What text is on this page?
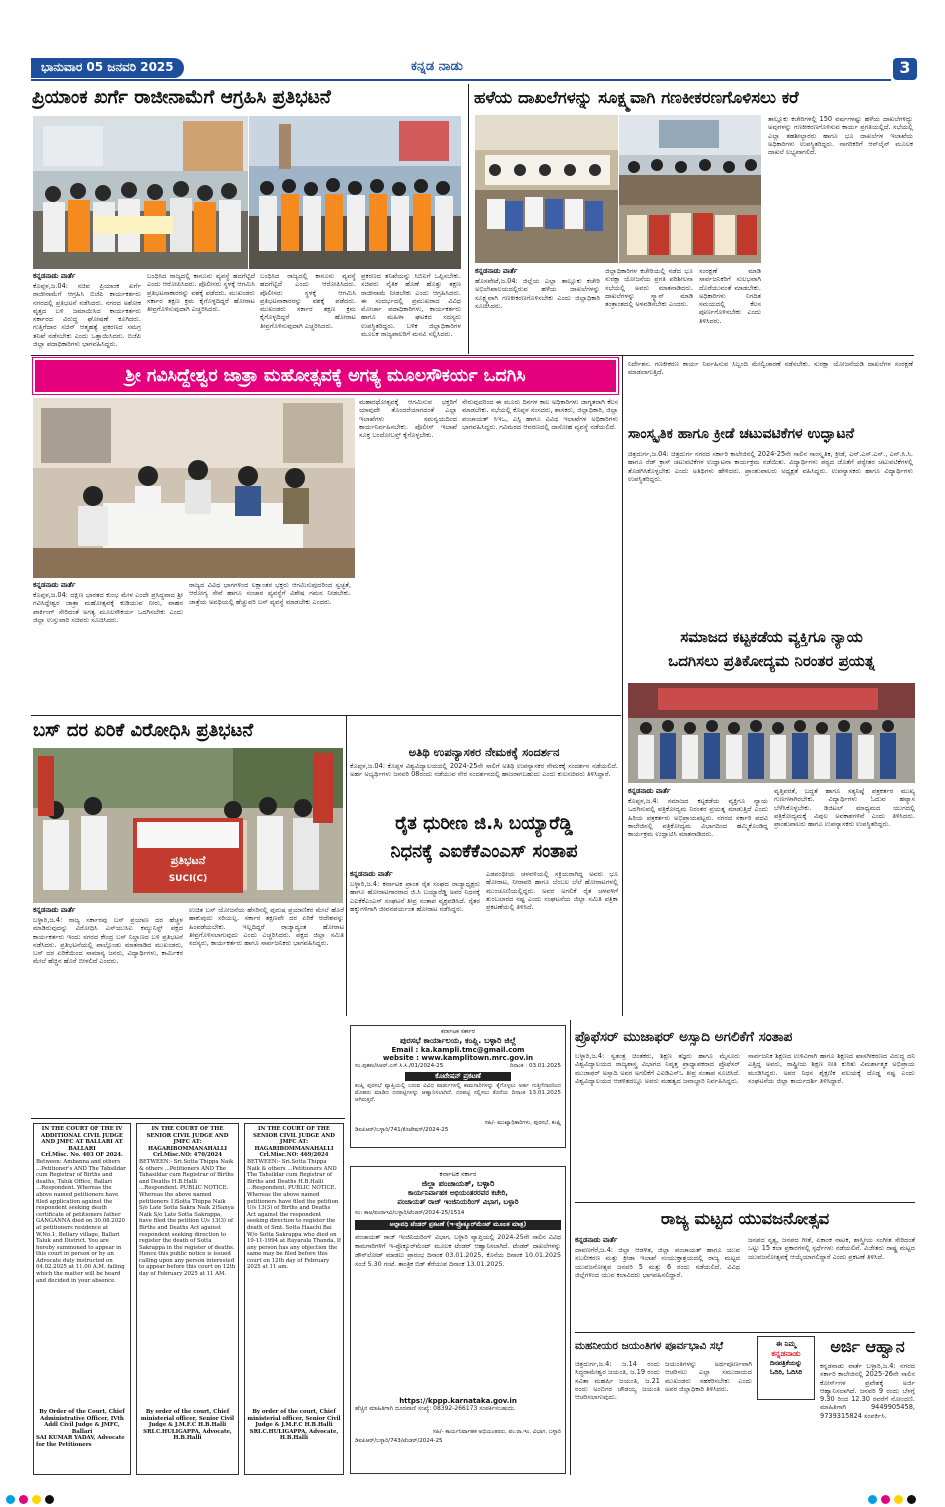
ಭಾನುವಾರ 05 ಜನವರಿ 2025	ಕನ್ನಡ ನಾಡು	3
ಪ್ರಿಯಾಂಕ ಖರ್ಗೆ ರಾಜೀನಾಮೆಗೆ ಆಗ್ರಹಿಸಿ ಪ್ರತಿಭಟನೆ
ಕನ್ನಡನಾಡು ವಾರ್ತೆ
ಕೊಪ್ಪಳ,ಜ.04: ಸಚಿವ ಪ್ರಿಯಾಂಕ ಖರ್ಗೆ ರಾಜೀನಾಮೆಗೆ ಆಗ್ರಹಿಸಿ ಬಿಜೆಪಿ ಕಾರ್ಯಕರ್ತರು ನಗರದಲ್ಲಿ ಪ್ರತಿಭಟನೆ ನಡೆಸಿದರು. ನಗರದ ಅಶೋಕ ವೃತ್ತದ ಬಳಿ ಜಮಾಯಿಸಿದ ಕಾರ್ಯಕರ್ತರು ಸರ್ಕಾರದ ವಿರುದ್ಧ ಘೋಷಣೆ ಕೂಗಿದರು. ಗುತ್ತಿಗೆದಾರ ಸಚಿನ್ ಆತ್ಮಹತ್ಯೆ ಪ್ರಕರಣದ ಸಮಗ್ರ ತನಿಖೆ ನಡೆಸಬೇಕು ಎಂದು ಒತ್ತಾಯಿಸಿದರು. ಬಿಜೆಪಿ ಜಿಲ್ಲಾ ಪದಾಧಿಕಾರಿಗಳು ಭಾಗವಹಿಸಿದ್ದರು.
ಬಂಧಿಸಿದ ರಾಜ್ಯದಲ್ಲಿ ಕಾನೂನು ವ್ಯವಸ್ಥೆ ಹದಗೆಟ್ಟಿದೆ ಎಂದು ಆರೋಪಿಸಿದರು. ಪೊಲೀಸರು ಸ್ಥಳಕ್ಕೆ ಆಗಮಿಸಿ ಪ್ರತಿಭಟನಾಕಾರರನ್ನು ವಶಕ್ಕೆ ಪಡೆದರು. ಮುಖಂಡರು ಸರ್ಕಾರ ತಕ್ಷಣ ಕ್ರಮ ಕೈಗೊಳ್ಳದಿದ್ದರೆ ಹೋರಾಟ ತೀವ್ರಗೊಳಿಸುವುದಾಗಿ ಎಚ್ಚರಿಸಿದರು.
ಪ್ರಕರಣದ ತನಿಖೆಯನ್ನು ಸಿಬಿಐಗೆ ಒಪ್ಪಿಸಬೇಕು. ಸಚಿವರು ನೈತಿಕ ಹೊಣೆ ಹೊತ್ತು ತಕ್ಷಣ ರಾಜೀನಾಮೆ ನೀಡಬೇಕು ಎಂದು ಆಗ್ರಹಿಸಿದರು. ಈ ಸಂದರ್ಭದಲ್ಲಿ ಪ್ರಮುಖರಾದ ವಿವಿಧ ಮೋರ್ಚಾ ಪದಾಧಿಕಾರಿಗಳು, ಕಾರ್ಯಕರ್ತರು ಹಾಗೂ ಮಹಿಳಾ ಘಟಕದ ಸದಸ್ಯರು ಉಪಸ್ಥಿತರಿದ್ದರು. ಬಳಿಕ ಜಿಲ್ಲಾಧಿಕಾರಿಗಳ ಮೂಲಕ ರಾಜ್ಯಪಾಲರಿಗೆ ಮನವಿ ಸಲ್ಲಿಸಿದರು.
ಬಂಧಿಸಿದ ರಾಜ್ಯದಲ್ಲಿ ಕಾನೂನು ವ್ಯವಸ್ಥೆ ಹದಗೆಟ್ಟಿದೆ ಎಂದು ಆರೋಪಿಸಿದರು. ಪೊಲೀಸರು ಸ್ಥಳಕ್ಕೆ ಆಗಮಿಸಿ ಪ್ರತಿಭಟನಾಕಾರರನ್ನು ವಶಕ್ಕೆ ಪಡೆದರು. ಮುಖಂಡರು ಸರ್ಕಾರ ತಕ್ಷಣ ಕ್ರಮ ಕೈಗೊಳ್ಳದಿದ್ದರೆ ಹೋರಾಟ ತೀವ್ರಗೊಳಿಸುವುದಾಗಿ ಎಚ್ಚರಿಸಿದರು.
ಹಳೆಯ ದಾಖಲೆಗಳನ್ನು ಸೂಕ್ಷ್ಮವಾಗಿ ಗಣಕೀಕರಣಗೊಳಿಸಲು ಕರೆ
ಕನ್ನಡನಾಡು ವಾರ್ತೆ
ಹೊಸಪೇಟೆ,ಜ.04: ಜಿಲ್ಲೆಯ ಎಲ್ಲಾ ತಾಲ್ಲೂಕು ಕಚೇರಿ ಅಭಿಲೇಖಾಲಯದಲ್ಲಿರುವ ಹಳೆಯ ದಾಖಲೆಗಳನ್ನು ಸೂಕ್ಷ್ಮವಾಗಿ ಗಣಕೀಕರಣಗೊಳಿಸಬೇಕು ಎಂದು ಜಿಲ್ಲಾಧಿಕಾರಿ ಸೂಚಿಸಿದರು.
ಜಿಲ್ಲಾಧಿಕಾರಿಗಳ ಕಚೇರಿಯಲ್ಲಿ ನಡೆದ ಭೂ ಸುರಕ್ಷಾ ಯೋಜನೆಯ ಪ್ರಗತಿ ಪರಿಶೀಲನಾ ಸಭೆಯಲ್ಲಿ ಅವರು ಮಾತನಾಡಿದರು. ದಾಖಲೆಗಳನ್ನು ಸ್ಕ್ಯಾನ್ ಮಾಡಿ ತಂತ್ರಾಂಶದಲ್ಲಿ ಅಳವಡಿಸಬೇಕು ಎಂದರು.
ಸಂರಕ್ಷಣೆ ಮಾಡಿ ಸಾರ್ವಜನಿಕರಿಗೆ ಸುಲಭವಾಗಿ ದೊರೆಯುವಂತೆ ಮಾಡಬೇಕು. ಅಧಿಕಾರಿಗಳು ನಿಗದಿತ ಸಮಯದಲ್ಲಿ ಕೆಲಸ ಪೂರ್ಣಗೊಳಿಸಬೇಕು ಎಂದು ತಿಳಿಸಿದರು.
ತಾಲ್ಲೂಕು ಕಚೇರಿಗಳಲ್ಲಿ 150 ವರ್ಷಗಳಷ್ಟು ಹಳೆಯ ದಾಖಲೆಗಳಿದ್ದು ಅವುಗಳನ್ನು ಗಣಕೀಕರಣಗೊಳಿಸುವ ಕಾರ್ಯ ಪ್ರಗತಿಯಲ್ಲಿದೆ. ಸಭೆಯಲ್ಲಿ ಎಲ್ಲಾ ತಹಶೀಲ್ದಾರರು ಹಾಗೂ ಭೂ ದಾಖಲೆಗಳ ಇಲಾಖೆಯ ಅಧಿಕಾರಿಗಳು ಉಪಸ್ಥಿತರಿದ್ದರು. ನಾಗರಿಕರಿಗೆ ಆನ್‌ಲೈನ್ ಮೂಲಕ ದಾಖಲೆ ಲಭ್ಯವಾಗಲಿದೆ.
ಶ್ರೀ ಗವಿಸಿದ್ದೇಶ್ವರ ಜಾತ್ರಾ ಮಹೋತ್ಸವಕ್ಕೆ ಅಗತ್ಯ ಮೂಲಸೌಕರ್ಯ ಒದಗಿಸಿ
ಕನ್ನಡನಾಡು ವಾರ್ತೆ
ಕೊಪ್ಪಳ,ಜ.04: ದಕ್ಷಿಣ ಭಾರತದ ಕುಂಭ ಮೇಳ ಎಂದೇ ಪ್ರಸಿದ್ಧವಾದ ಶ್ರೀ ಗವಿಸಿದ್ದೇಶ್ವರ ಜಾತ್ರಾ ಮಹೋತ್ಸವಕ್ಕೆ ಕುಡಿಯುವ ನೀರು, ವಾಹನ ಪಾರ್ಕಿಂಗ್ ಸೇರಿದಂತೆ ಅಗತ್ಯ ಮೂಲಸೌಕರ್ಯ ಒದಗಿಸಬೇಕು ಎಂದು ಜಿಲ್ಲಾ ಉಸ್ತುವಾರಿ ಸಚಿವರು ಸೂಚಿಸಿದರು.
ರಾಜ್ಯದ ವಿವಿಧ ಭಾಗಗಳಿಂದ ಲಕ್ಷಾಂತರ ಭಕ್ತರು ಆಗಮಿಸುವುದರಿಂದ ಸ್ವಚ್ಛತೆ, ಆರೋಗ್ಯ ಸೇವೆ ಹಾಗೂ ಸಂಚಾರ ವ್ಯವಸ್ಥೆಗೆ ವಿಶೇಷ ಗಮನ ನೀಡಬೇಕು. ಜಾತ್ರೆಯ ಅವಧಿಯಲ್ಲಿ ಹೆಚ್ಚುವರಿ ಬಸ್ ವ್ಯವಸ್ಥೆ ಮಾಡಬೇಕು ಎಂದರು.
ಮಹಾರಥೋತ್ಸವಕ್ಕೆ ಆಗಮಿಸುವ ಭಕ್ತರಿಗೆ ಯಾವುದೇ ತೊಂದರೆಯಾಗದಂತೆ ಎಲ್ಲಾ ಇಲಾಖೆಗಳು ಸಮನ್ವಯದಿಂದ ಕಾರ್ಯನಿರ್ವಹಿಸಬೇಕು. ಪೊಲೀಸ್ ಇಲಾಖೆ ಸೂಕ್ತ ಬಂದೋಬಸ್ತ್ ಕೈಗೊಳ್ಳಬೇಕು.
ಸೇರುವುದರಿಂದ ಈ ಮೂರು ದಿನಗಳ ಕಾಲ ಅಧಿಕಾರಿಗಳು ಜಾಗೃತರಾಗಿ ಕೆಲಸ ಮಾಡಬೇಕು. ಸಭೆಯಲ್ಲಿ ಕೊಪ್ಪಳ ಸಂಸದರು, ಶಾಸಕರು, ಜಿಲ್ಲಾಧಿಕಾರಿ, ಜಿಲ್ಲಾ ಪಂಚಾಯತ್ ಸಿಇಒ, ಎಸ್ಪಿ ಹಾಗೂ ವಿವಿಧ ಇಲಾಖೆಗಳ ಅಧಿಕಾರಿಗಳು ಭಾಗವಹಿಸಿದ್ದರು. ಗವಿಮಠದ ಆವರಣದಲ್ಲಿ ದಾಸೋಹ ವ್ಯವಸ್ಥೆ ನಡೆಯಲಿದೆ.
ನಿರ್ದೇಶನ. ಗಣಕೀಕರಣ ಕಾರ್ಯ ನಿರ್ವಹಿಸುವ ಸಿಬ್ಬಂದಿ ಮೇಲ್ವಿಚಾರಣೆ ನಡೆಸಬೇಕು. ಸುರಕ್ಷಾ ಯೋಜನೆಯಡಿ ದಾಖಲೆಗಳ ಸಂರಕ್ಷಣೆ ಮಾಡಲಾಗುತ್ತಿದೆ.
ಸಾಂಸ್ಕೃತಿಕ ಹಾಗೂ ಕ್ರೀಡೆ ಚಟುವಟಿಕೆಗಳ ಉದ್ಘಾಟನೆ
ಚಿತ್ರದುರ್ಗ,ಜ.04: ಚಿತ್ರದುರ್ಗ ನಗರದ ಸರ್ಕಾರಿ ಕಾಲೇಜಿನಲ್ಲಿ 2024-25ನೇ ಸಾಲಿನ ಸಾಂಸ್ಕೃತಿಕ, ಕ್ರೀಡೆ, ಎನ್.ಎಸ್.ಎಸ್., ಎನ್.ಸಿ.ಸಿ. ಹಾಗೂ ರೆಡ್ ಕ್ರಾಸ್ ಚಟುವಟಿಕೆಗಳ ಉದ್ಘಾಟನಾ ಕಾರ್ಯಕ್ರಮ ನಡೆಯಿತು. ವಿದ್ಯಾರ್ಥಿಗಳು ಪಠ್ಯದ ಜೊತೆಗೆ ಪಠ್ಯೇತರ ಚಟುವಟಿಕೆಗಳಲ್ಲಿ ತೊಡಗಿಸಿಕೊಳ್ಳಬೇಕು ಎಂದು ಅತಿಥಿಗಳು ಹೇಳಿದರು. ಪ್ರಾಂಶುಪಾಲರು ಅಧ್ಯಕ್ಷತೆ ವಹಿಸಿದ್ದರು. ಉಪನ್ಯಾಸಕರು ಹಾಗೂ ವಿದ್ಯಾರ್ಥಿಗಳು ಉಪಸ್ಥಿತರಿದ್ದರು.
ಸಮಾಜದ ಕಟ್ಟಕಡೆಯ ವ್ಯಕ್ತಿಗೂ ನ್ಯಾಯ
ಒದಗಿಸಲು ಪ್ರತಿಕೋದ್ಯಮ ನಿರಂತರ ಪ್ರಯತ್ನ
ಕನ್ನಡನಾಡು ವಾರ್ತೆ
ಕೊಪ್ಪಳ,ಜ.4: ಸಮಾಜದ ಕಟ್ಟಕಡೆಯ ವ್ಯಕ್ತಿಗೂ ನ್ಯಾಯ ಒದಗಿಸುವಲ್ಲಿ ಪತ್ರಿಕೋದ್ಯಮ ನಿರಂತರ ಪ್ರಯತ್ನ ಮಾಡುತ್ತಿದೆ ಎಂದು ಹಿರಿಯ ಪತ್ರಕರ್ತರು ಅಭಿಪ್ರಾಯಪಟ್ಟರು. ನಗರದ ಸರ್ಕಾರಿ ಪದವಿ ಕಾಲೇಜಿನಲ್ಲಿ ಪತ್ರಿಕೋದ್ಯಮ ವಿಭಾಗದಿಂದ ಹಮ್ಮಿಕೊಂಡಿದ್ದ ಕಾರ್ಯಕ್ರಮ ಉದ್ಘಾಟಿಸಿ ಮಾತನಾಡಿದರು.
ವೃತ್ತಿಪರತೆ, ಬದ್ಧತೆ ಹಾಗೂ ಸತ್ಯನಿಷ್ಠೆ ಪತ್ರಕರ್ತರ ಮುಖ್ಯ ಗುಣಗಳಾಗಿರಬೇಕು. ವಿದ್ಯಾರ್ಥಿಗಳು ಓದುವ ಹವ್ಯಾಸ ಬೆಳೆಸಿಕೊಳ್ಳಬೇಕು. ಡಿಜಿಟಲ್ ಮಾಧ್ಯಮದ ಯುಗದಲ್ಲಿ ಪತ್ರಿಕೋದ್ಯಮಕ್ಕೆ ವಿಪುಲ ಅವಕಾಶಗಳಿವೆ ಎಂದು ತಿಳಿಸಿದರು. ಪ್ರಾಂಶುಪಾಲರು ಹಾಗೂ ಉಪನ್ಯಾಸಕರು ಉಪಸ್ಥಿತರಿದ್ದರು.
ಬಸ್ ದರ ಏರಿಕೆ ವಿರೋಧಿಸಿ ಪ್ರತಿಭಟನೆ
ಪ್ರತಿಭಟನೆ
SUCI(C)
ಕನ್ನಡನಾಡು ವಾರ್ತೆ
ಬಳ್ಳಾರಿ,ಜ.4: ರಾಜ್ಯ ಸರ್ಕಾರವು ಬಸ್ ಪ್ರಯಾಣ ದರ ಹೆಚ್ಚಳ ಮಾಡಿರುವುದನ್ನು ವಿರೋಧಿಸಿ ಎಸ್‌ಯುಸಿಐ ಕಮ್ಯುನಿಸ್ಟ್ ಪಕ್ಷದ ಕಾರ್ಯಕರ್ತರು ಇಂದು ನಗರದ ಕೇಂದ್ರ ಬಸ್ ನಿಲ್ದಾಣದ ಬಳಿ ಪ್ರತಿಭಟನೆ ನಡೆಸಿದರು. ಪ್ರತಿಭಟನೆಯಲ್ಲಿ ಪಾಲ್ಗೊಂಡು ಮಾತನಾಡಿದ ಮುಖಂಡರು, ಬಸ್ ದರ ಏರಿಕೆಯಿಂದ ಸಾಮಾನ್ಯ ಜನರು, ವಿದ್ಯಾರ್ಥಿಗಳು, ಕಾರ್ಮಿಕರ ಮೇಲೆ ಹೆಚ್ಚಿನ ಹೊರೆ ಬೀಳಲಿದೆ ಎಂದರು.
ಉಚಿತ ಬಸ್ ಯೋಜನೆಯ ಹೆಸರಿನಲ್ಲಿ ಪುರುಷ ಪ್ರಯಾಣಿಕರ ಮೇಲೆ ಹೊರೆ ಹಾಕುವುದು ಸರಿಯಲ್ಲ. ಸರ್ಕಾರ ತಕ್ಷಣವೇ ದರ ಏರಿಕೆ ಆದೇಶವನ್ನು ಹಿಂಪಡೆಯಬೇಕು. ಇಲ್ಲದಿದ್ದರೆ ರಾಜ್ಯಾದ್ಯಂತ ಹೋರಾಟ ತೀವ್ರಗೊಳಿಸಲಾಗುವುದು ಎಂದು ಎಚ್ಚರಿಸಿದರು. ಪಕ್ಷದ ಜಿಲ್ಲಾ ಸಮಿತಿ ಸದಸ್ಯರು, ಕಾರ್ಯಕರ್ತರು ಹಾಗೂ ಸಾರ್ವಜನಿಕರು ಭಾಗವಹಿಸಿದ್ದರು.
ಅತಿಥಿ ಉಪನ್ಯಾಸಕರ ನೇಮಕಕ್ಕೆ ಸಂದರ್ಶನ
ಕೊಪ್ಪಳ,ಜ.04: ಕೊಪ್ಪಳ ವಿಶ್ವವಿದ್ಯಾಲಯದಲ್ಲಿ 2024-25ನೇ ಸಾಲಿಗೆ ಅತಿಥಿ ಉಪನ್ಯಾಸಕರ ನೇಮಕಕ್ಕೆ ಸಂದರ್ಶನ ನಡೆಯಲಿದೆ. ಅರ್ಹ ಅಭ್ಯರ್ಥಿಗಳು ಜನವರಿ 08ರಂದು ನಡೆಯುವ ನೇರ ಸಂದರ್ಶನದಲ್ಲಿ ಹಾಜರಾಗಬಹುದು ಎಂದು ಕುಲಸಚಿವರು ತಿಳಿಸಿದ್ದಾರೆ.
ರೈತ ಧುರೀಣ ಜಿ.ಸಿ ಬಯ್ಯಾರೆಡ್ಡಿ
ನಿಧನಕ್ಕೆ ಎಐಕೆಕೆಎಂಎಸ್ ಸಂತಾಪ
ಕನ್ನಡನಾಡು ವಾರ್ತೆ
ಬಳ್ಳಾರಿ,ಜ.4: ಕರ್ನಾಟಕ ಪ್ರಾಂತ ರೈತ ಸಂಘದ ರಾಜ್ಯಾಧ್ಯಕ್ಷರು ಹಾಗೂ ಹೋರಾಟಗಾರರಾದ ಜಿ.ಸಿ ಬಯ್ಯಾರೆಡ್ಡಿ ಅವರ ನಿಧನಕ್ಕೆ ಎಐಕೆಕೆಎಂಎಸ್ ಸಂಘಟನೆ ತೀವ್ರ ಸಂತಾಪ ವ್ಯಕ್ತಪಡಿಸಿದೆ. ರೈತರ ಹಕ್ಕುಗಳಿಗಾಗಿ ಜೀವನಪರ್ಯಂತ ಹೋರಾಟ ನಡೆಸಿದ್ದರು.
ಎಡಪಂಥೀಯ ಚಳವಳಿಯಲ್ಲಿ ಸಕ್ರಿಯರಾಗಿದ್ದ ಅವರು ಭೂ ಹೋರಾಟ, ನೀರಾವರಿ ಹಾಗೂ ಬೆಂಬಲ ಬೆಲೆ ಹೋರಾಟಗಳಲ್ಲಿ ಮುಂಚೂಣಿಯಲ್ಲಿದ್ದರು. ಅವರ ಅಗಲಿಕೆ ರೈತ ಚಳವಳಿಗೆ ತುಂಬಲಾರದ ನಷ್ಟ ಎಂದು ಸಂಘಟನೆಯ ಜಿಲ್ಲಾ ಸಮಿತಿ ಪತ್ರಿಕಾ ಪ್ರಕಟಣೆಯಲ್ಲಿ ತಿಳಿಸಿದೆ.
ಕರ್ನಾಟಕ ಸರ್ಕಾರ
ಪುರಸಭೆ ಕಾರ್ಯಾಲಯ, ಕಂಪ್ಲಿ. ಬಳ್ಳಾರಿ ಜಿಲ್ಲೆ
Email : ka.kampli.tmc@gmail.com
website : www.kamplitown.mrc.gov.in
ಸಂ.ಪುಕಕಂ/ಸಿಆರ್.ಎಸ್.ಸಿ.ಸಿ./01/2024-25	ದಿನಾಂಕ : 03.01.2025
ಕೊಟೇಷನ್ ಪ್ರಕಟಣೆ
ಕಂಪ್ಲಿ ಪುರಸಭೆ ವ್ಯಾಪ್ತಿಯಲ್ಲಿ ಬರುವ ವಿವಿಧ ವಾರ್ಡುಗಳಲ್ಲಿ ಕಾಮಗಾರಿಗಳನ್ನು ಕೈಗೊಳ್ಳಲು ಅರ್ಹ ಗುತ್ತಿಗೆದಾರರಿಂದ ಮೊಹರು ಮಾಡಿದ ದರಪಟ್ಟಿಗಳನ್ನು ಆಹ್ವಾನಿಸಲಾಗಿದೆ. ದರಪಟ್ಟಿ ಸಲ್ಲಿಸಲು ಕೊನೆಯ ದಿನಾಂಕ 13.01.2025 ಆಗಿರುತ್ತದೆ.
ಸಹಿ/- ಮುಖ್ಯಾಧಿಕಾರಿಗಳು, ಪುರಸಭೆ, ಕಂಪ್ಲಿ
ಡಿಐಪಿಆರ್/ಬಳ್ಳಾರಿ/741/ಕೊಟೇಷನ್/2024-25
ಕರ್ನಾಟಕ ಸರ್ಕಾರ
ಜಿಲ್ಲಾ ಪಂಚಾಯತ್, ಬಳ್ಳಾರಿ
ಕಾರ್ಯನಿರ್ವಾಹಕ ಅಭಿಯಂತರರವರ ಕಚೇರಿ,
ಪಂಚಾಯತ್ ರಾಜ್ ಇಂಜಿನಿಯರಿಂಗ್ ವಿಭಾಗ, ಬಳ್ಳಾರಿ
ಸಂ: ಕಾಅ/ಪಂರಾಇವಿ/ಬಳ್ಳಾರಿ/ಟೆಂಡರ್/2024-25/1514
ಅಲ್ಪಾವಧಿ ಟೆಂಡರ್ ಪ್ರಕಟಣೆ (ಇ-ಪ್ರೊಕ್ಯೂರ್‌ಮೆಂಟ್ ಮೂಲಕ ಮಾತ್ರ)
ಪಂಚಾಯತ್ ರಾಜ್ ಇಂಜಿನಿಯರಿಂಗ್ ವಿಭಾಗ, ಬಳ್ಳಾರಿ ವ್ಯಾಪ್ತಿಯಲ್ಲಿ 2024-25ನೇ ಸಾಲಿನ ವಿವಿಧ ಕಾಮಗಾರಿಗಳಿಗೆ ಇ-ಪ್ರೊಕ್ಯೂರ್‌ಮೆಂಟ್ ಮೂಲಕ ಟೆಂಡರ್ ಆಹ್ವಾನಿಸಲಾಗಿದೆ. ಟೆಂಡರ್ ದಾಖಲೆಗಳನ್ನು ಡೌನ್‌ಲೋಡ್ ಮಾಡಲು ಪ್ರಾರಂಭ ದಿನಾಂಕ 03.01.2025, ಕೊನೆಯ ದಿನಾಂಕ 10.01.2025 ಸಂಜೆ 5.30 ಗಂಟೆ. ತಾಂತ್ರಿಕ ಬಿಡ್ ತೆರೆಯುವ ದಿನಾಂಕ 13.01.2025.
https://kppp.karnataka.gov.in
ಹೆಚ್ಚಿನ ಮಾಹಿತಿಗಾಗಿ ದೂರವಾಣಿ ಸಂಖ್ಯೆ: 08392-266173 ಸಂಪರ್ಕಿಸಬಹುದು.
ಸಹಿ/- ಕಾರ್ಯನಿರ್ವಾಹಕ ಅಭಿಯಂತರರು, ಪಂ.ರಾ.ಇಂ. ವಿಭಾಗ, ಬಳ್ಳಾರಿ
ಡಿಐಪಿಆರ್/ಬಳ್ಳಾರಿ/743/ಟೆಂಡರ್/2024-25
ಪ್ರೊಫೆಸರ್ ಮುಜಾಫರ್ ಅಸ್ಸಾದಿ ಅಗಲಿಕೆಗೆ ಸಂತಾಪ
ಬಳ್ಳಾರಿ,ಜ.4: ಸ್ವತಂತ್ರ ಚಿಂತಕರು, ಶಿಕ್ಷಣ ತಜ್ಞರು ಹಾಗೂ ಮೈಸೂರು ವಿಶ್ವವಿದ್ಯಾಲಯದ ರಾಜ್ಯಶಾಸ್ತ್ರ ವಿಭಾಗದ ನಿವೃತ್ತ ಪ್ರಾಧ್ಯಾಪಕರಾದ ಪ್ರೊಫೆಸರ್ ಮುಜಾಫರ್ ಅಸ್ಸಾದಿ ಅವರ ಅಗಲಿಕೆಗೆ ಎಐಡಿಎಸ್‌ಒ ತೀವ್ರ ಸಂತಾಪ ಸೂಚಿಸಿದೆ. ವಿಶ್ವವಿದ್ಯಾಲಯದ ಆಡಳಿತದಲ್ಲೂ ಅವರು ಮಹತ್ವದ ಜವಾಬ್ದಾರಿ ನಿರ್ವಹಿಸಿದ್ದರು.
ಸಾರ್ವಜನಿಕ ಶಿಕ್ಷಣದ ಉಳಿವಿಗಾಗಿ ಹಾಗೂ ಶಿಕ್ಷಣದ ಖಾಸಗೀಕರಣದ ವಿರುದ್ಧ ದನಿ ಎತ್ತಿದ್ದ ಅವರು, ರಾಷ್ಟ್ರೀಯ ಶಿಕ್ಷಣ ನೀತಿ ಕುರಿತು ವಿಮರ್ಶಾತ್ಮಕ ಅಭಿಪ್ರಾಯ ಮಂಡಿಸಿದ್ದರು. ಅವರ ನಿಧನ ಶೈಕ್ಷಣಿಕ ವಲಯಕ್ಕೆ ದೊಡ್ಡ ನಷ್ಟ ಎಂದು ಸಂಘಟನೆಯ ಜಿಲ್ಲಾ ಕಾರ್ಯದರ್ಶಿ ತಿಳಿಸಿದ್ದಾರೆ.
ರಾಜ್ಯ ಮಟ್ಟದ ಯುವಜನೋತ್ಸವ
ಕನ್ನಡನಾಡು ವಾರ್ತೆ
ದಾವಣಗೆರೆ,ಜ.4: ಜಿಲ್ಲಾ ಆಡಳಿತ, ಜಿಲ್ಲಾ ಪಂಚಾಯತ್ ಹಾಗೂ ಯುವ ಸಬಲೀಕರಣ ಮತ್ತು ಕ್ರೀಡಾ ಇಲಾಖೆ ಸಂಯುಕ್ತಾಶ್ರಯದಲ್ಲಿ ರಾಜ್ಯ ಮಟ್ಟದ ಯುವಜನೋತ್ಸವ ಜನವರಿ 5 ಮತ್ತು 6 ರಂದು ನಡೆಯಲಿದೆ. ವಿವಿಧ ಜಿಲ್ಲೆಗಳಿಂದ ಯುವ ಕಲಾವಿದರು ಭಾಗವಹಿಸಲಿದ್ದಾರೆ.
ಜನಪದ ನೃತ್ಯ, ಜನಪದ ಗೀತೆ, ಏಕಾಂಕ ನಾಟಕ, ಶಾಸ್ತ್ರೀಯ ಸಂಗೀತ ಸೇರಿದಂತೆ ಒಟ್ಟು 15 ಕಲಾ ಪ್ರಕಾರಗಳಲ್ಲಿ ಸ್ಪರ್ಧೆಗಳು ನಡೆಯಲಿವೆ. ವಿಜೇತರು ರಾಷ್ಟ್ರ ಮಟ್ಟದ ಯುವಜನೋತ್ಸವಕ್ಕೆ ಆಯ್ಕೆಯಾಗಲಿದ್ದಾರೆ ಎಂದು ಪ್ರಕಟಣೆ ತಿಳಿಸಿದೆ.
ಮಹನೀಯರ ಜಯಂತಿಗಳ ಪೂರ್ವಭಾವಿ ಸಭೆ
ಚಿತ್ರದುರ್ಗ,ಜ.4: ಜ.14 ರಂದು ಸಿದ್ಧರಾಮೇಶ್ವರ ಜಯಂತಿ, ಜ.19 ರಂದು ಸವಿತಾ ಮಹರ್ಷಿ ಜಯಂತಿ, ಜ.21 ರಂದು ಅಂಬಿಗರ ಚೌಡಯ್ಯ ಜಯಂತಿ ಆಚರಿಸಲಾಗುವುದು.
ಜಯಂತಿಗಳನ್ನು ಅರ್ಥಪೂರ್ಣವಾಗಿ ಆಚರಿಸಲು ಎಲ್ಲಾ ಸಮುದಾಯದ ಮುಖಂಡರು ಸಹಕರಿಸಬೇಕು ಎಂದು ಅಪರ ಜಿಲ್ಲಾಧಿಕಾರಿ ತಿಳಿಸಿದರು.
ಈ ನಿಮ್ಮ
ಕನ್ನಡನಾಡು
ದಿನಪತ್ರಿಕೆಯನ್ನು
ಓದಿರಿ, ಓದಿಸಿರಿ
ಅರ್ಜಿ ಆಹ್ವಾನ
ಕನ್ನಡನಾಡು ವಾರ್ತೆ ಬಳ್ಳಾರಿ,ಜ.4: ನಗರದ ಸರ್ಕಾರಿ ಕಾಲೇಜಿನಲ್ಲಿ 2025-26ನೇ ಸಾಲಿನ ಕೋರ್ಸ್‌ಗಳ ಪ್ರವೇಶಕ್ಕೆ ಅರ್ಜಿ ಆಹ್ವಾನಿಸಲಾಗಿದೆ. ಜನವರಿ 9 ರಂದು ಬೆಳಗ್ಗೆ 9.30 ರಿಂದ 12.30 ರವರೆಗೆ ನೋಂದಣಿ. ಮಾಹಿತಿಗಾಗಿ 9449905458, 9739315824 ಸಂಪರ್ಕಿಸಿ.
IN THE COURT OF THE IV ADDITIONAL CIVIL JUDGE AND JMFC AT BALLARI AT BALLARI
Crl.Misc. No. 403 OF 2024.
Between: Ambanna and others ...Petitioner's AND The Tahsildar cum Registrar of Births and deaths, Taluk Office, Ballari ...Respondent. Whereas the above named petitioners have filed application against the respondent seeking death certificate of petitioners father GANGANNA died on 30.08.2020 at petitioners residence at W.No.1, Bellary village, Ballari Taluk and District. You are hereby summoned to appear in this court in person or by an Advocate duly instructed on 04.02.2025 at 11.00 A.M. failing which the matter will be heard and decided in your absence.
By Order of the Court, Chief Administrative Officer, IVth Addl Civil Judge & JMFC, Ballari
SAI KUMAR YADAV, Advocate for the Petitioners
IN THE COURT OF THE SENIOR CIVIL JUDGE AND JMFC AT: HAGARIBOMMANAHALLI
Crl.Misc.NO: 470/2024
BETWEEN:- Sri.Sotta Thippa Naik & others ...Petitioners AND The Tahasildar cum Registrar of Births and Deaths H.B.Halli ...Respondent. PUBLIC NOTICE. Whereas the above named petitioners 1)Sotta Thippa Naik S/o Late Sotta Sakra Naik 2)Sanya Naik S/o Late Sotta Sakrappa, have filed the petition U/s 13(3) of Births and Deaths Act against respondent seeking direction to register the death of Sotta Sakrappa in the register of deaths. Hence this public notice is issued calling upon any person interested to appear before this court on 12th day of February 2025 at 11 AM.
By order of the court, Chief ministerial officer, Senior Civil Judge & J.M.F.C H.B.Halli
SRI.C.HULIGAPPA, Advocate, H.B.Halli
IN THE COURT OF THE SENIOR CIVIL JUDGE AND JMFC AT: HAGARIBOMMANAHALLI
Crl.Misc.NO: 469/2024
BETWEEN:- Sri.Sotta Thippa Naik & others ...Petitioners AND The Tahsildar cum Registrar of Births and Deaths H.B.Halli ...Respondent. PUBLIC NOTICE. Whereas the above named petitioners have filed the petition U/s 13(3) of Births and Deaths Act against the respondent seeking direction to register the death of Smt. Sotta Haachi Bai W/o Sotta Sakrappa who died on 19-11-1994 at Rayarala Thanda. If any person has any objection the same may be filed before this court on 12th day of February 2025 at 11 am.
By order of the court, Chief ministerial officer, Senior Civil Judge & J.M.F.C H.B.Halli
SRI.C.HULIGAPPA, Advocate, H.B.Halli
